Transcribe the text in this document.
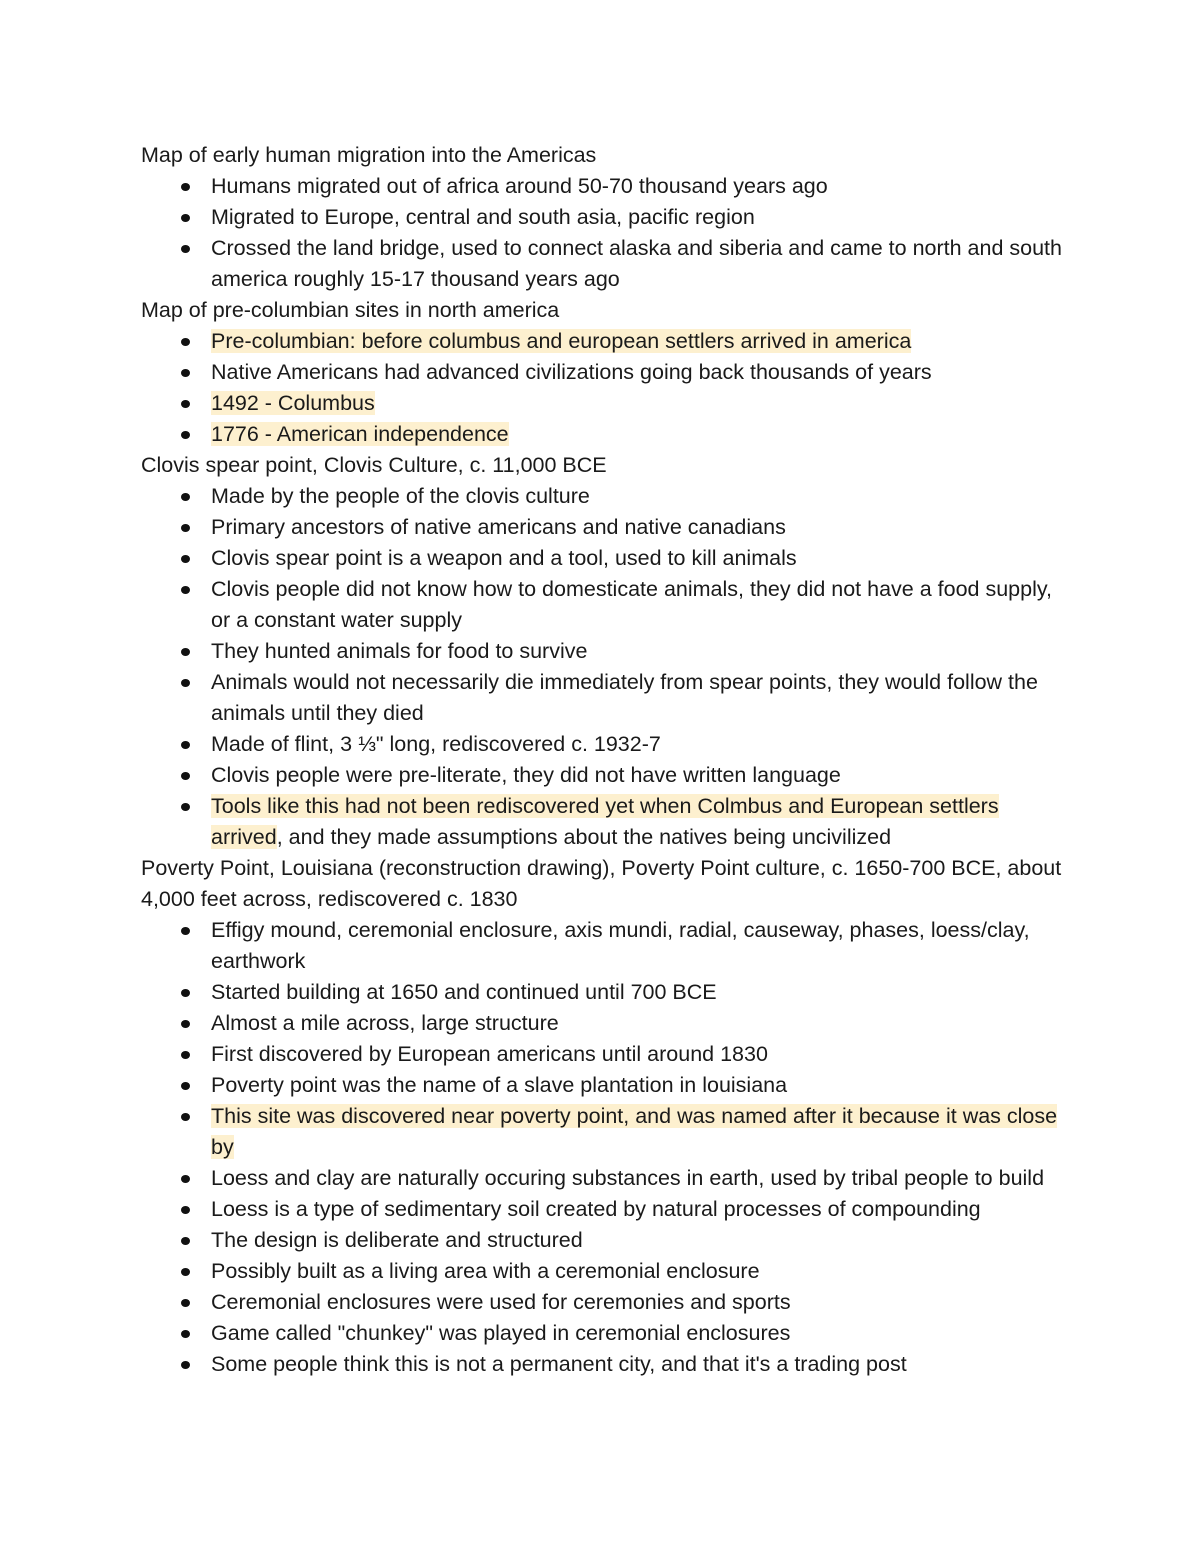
Map of early human migration into the Americas

Humans migrated out of africa around 50-70 thousand years ago
Migrated to Europe, central and south asia, pacific region
Crossed the land bridge, used to connect alaska and siberia and came to north and south america roughly 15-17 thousand years ago

Map of pre-columbian sites in north america

Pre-columbian: before columbus and european settlers arrived in america
Native Americans had advanced civilizations going back thousands of years
1492 - Columbus
1776 - American independence

Clovis spear point, Clovis Culture, c. 11,000 BCE

Made by the people of the clovis culture
Primary ancestors of native americans and native canadians
Clovis spear point is a weapon and a tool, used to kill animals
Clovis people did not know how to domesticate animals, they did not have a food supply, or a constant water supply
They hunted animals for food to survive
Animals would not necessarily die immediately from spear points, they would follow the animals until they died
Made of flint, 3 ⅓" long, rediscovered c. 1932-7
Clovis people were pre-literate, they did not have written language
Tools like this had not been rediscovered yet when Colmbus and European settlers arrived, and they made assumptions about the natives being uncivilized

Poverty Point, Louisiana (reconstruction drawing), Poverty Point culture, c. 1650-700 BCE, about 4,000 feet across, rediscovered c. 1830

Effigy mound, ceremonial enclosure, axis mundi, radial, causeway, phases, loess/clay, earthwork
Started building at 1650 and continued until 700 BCE
Almost a mile across, large structure
First discovered by European americans until around 1830
Poverty point was the name of a slave plantation in louisiana
This site was discovered near poverty point, and was named after it because it was close by
Loess and clay are naturally occuring substances in earth, used by tribal people to build
Loess is a type of sedimentary soil created by natural processes of compounding
The design is deliberate and structured
Possibly built as a living area with a ceremonial enclosure
Ceremonial enclosures were used for ceremonies and sports
Game called "chunkey" was played in ceremonial enclosures
Some people think this is not a permanent city, and that it's a trading post
